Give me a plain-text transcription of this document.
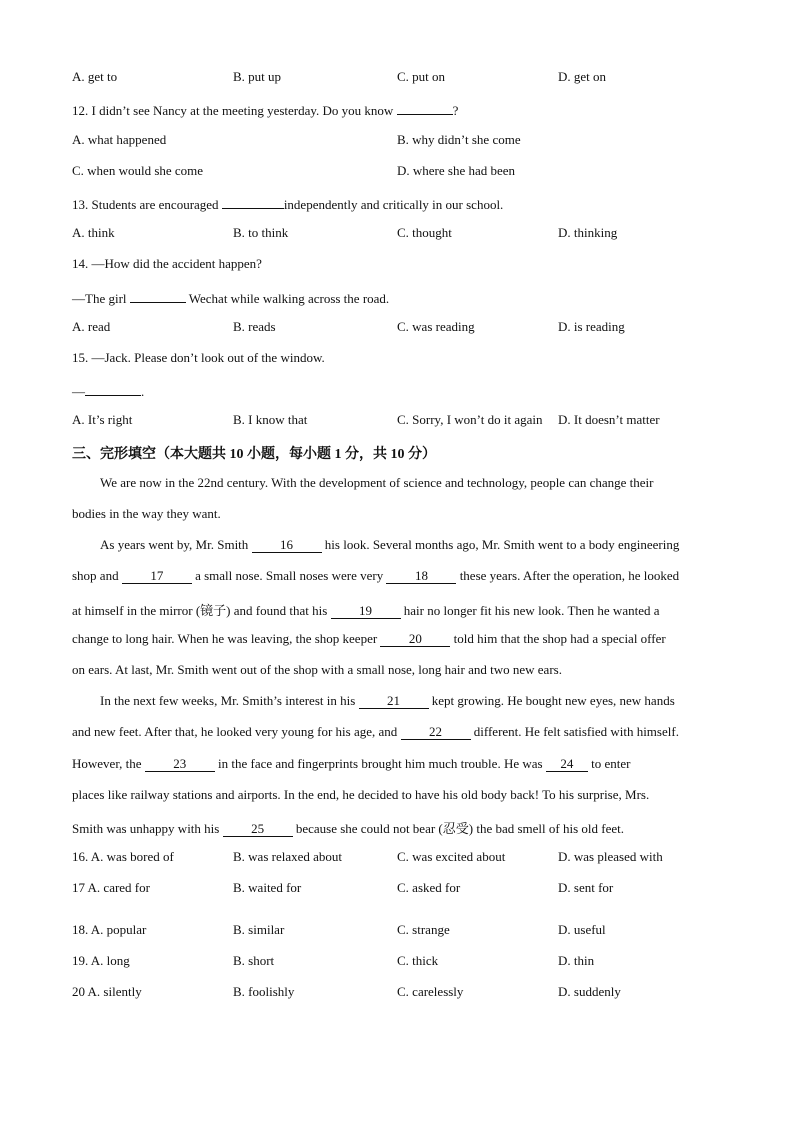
A. get to	B. put up	C. put on	D. get on
12. I didn’t see Nancy at the meeting yesterday. Do you know	?
A. what happened	B. why didn’t she come
C. when would she come	D. where she had been
13. Students are encouraged	independently and critically in our school.
A. think	B. to think	C. thought	D. thinking
14. —How did the accident happen?
—The girl	Wechat while walking across the road.
A. read	B. reads	C. was reading	D. is reading
15. —Jack. Please don’t look out of the window.
—	.
A. It’s right	B. I know that	C. Sorry, I won’t do it again D. It doesn’t matter
三、完形填空（本大题共 10 小题，每小题 1 分，共 10 分）
We are now in the 22nd century. With the development of science and technology, people can change their
bodies in the way they want.
As years went by, Mr. Smith 16 his look. Several months ago, Mr. Smith went to a body engineering
shop and 17 a small nose. Small noses were very 18 these years. After the operation, he looked
at himself in the mirror (镜子) and found that his 19 hair no longer fit his new look. Then he wanted a
change to long hair. When he was leaving, the shop keeper 20 told him that the shop had a special offer
on ears. At last, Mr. Smith went out of the shop with a small nose, long hair and two new ears.
In the next few weeks, Mr. Smith’s interest in his 21 kept growing. He bought new eyes, new hands
and new feet. After that, he looked very young for his age, and 22 different. He felt satisfied with himself.
However, the 23 in the face and fingerprints brought him much trouble. He was 24 to enter
places like railway stations and airports. In the end, he decided to have his old body back! To his surprise, Mrs.
Smith was unhappy with his 25 because she could not bear (忍受) the bad smell of his old feet.
16. A. was bored of	B. was relaxed about	C. was excited about	D. was pleased with
17 A. cared for	B. waited for	C. asked for	D. sent for
18. A. popular	B. similar	C. strange	D. useful
19. A. long	B. short	C. thick	D. thin
20 A. silently	B. foolishly	C. carelessly	D. suddenly
